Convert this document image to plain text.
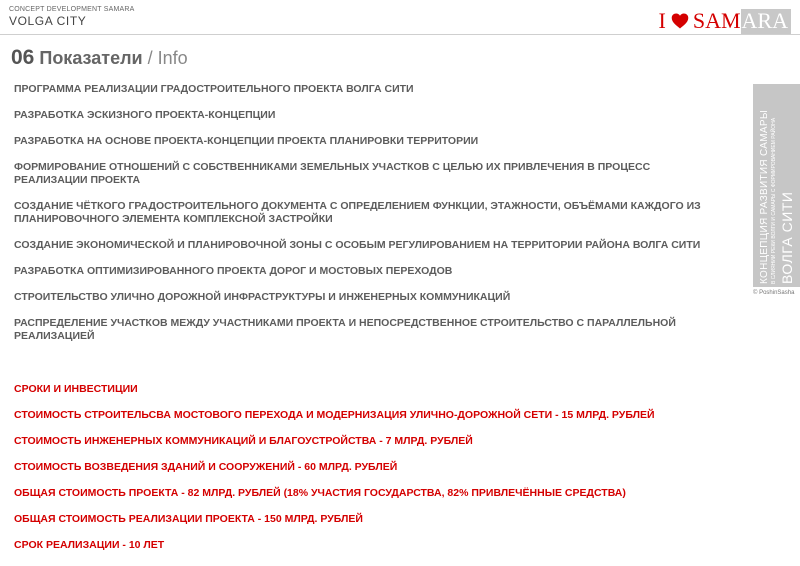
CONCEPT DEVELOPMENT SAMARA
VOLGA CITY	I SAM ARA
06 Показатели / Info
ПРОГРАММА РЕАЛИЗАЦИИ ГРАДОСТРОИТЕЛЬНОГО ПРОЕКТА ВОЛГА СИТИ
РАЗРАБОТКА ЭСКИЗНОГО ПРОЕКТА-КОНЦЕПЦИИ
РАЗРАБОТКА НА ОСНОВЕ ПРОЕКТА-КОНЦЕПЦИИ ПРОЕКТА ПЛАНИРОВКИ ТЕРРИТОРИИ
ФОРМИРОВАНИЕ ОТНОШЕНИЙ С СОБСТВЕННИКАМИ ЗЕМЕЛЬНЫХ УЧАСТКОВ С ЦЕЛЬЮ ИХ ПРИВЛЕЧЕНИЯ В ПРОЦЕСС РЕАЛИЗАЦИИ ПРОЕКТА
СОЗДАНИЕ ЧЁТКОГО ГРАДОСТРОИТЕЛЬНОГО ДОКУМЕНТА С ОПРЕДЕЛЕНИЕМ ФУНКЦИИ, ЭТАЖНОСТИ, ОБЪЁМАМИ КАЖДОГО ИЗ ПЛАНИРОВОЧНОГО ЭЛЕМЕНТА КОМПЛЕКСНОЙ ЗАСТРОЙКИ
СОЗДАНИЕ ЭКОНОМИЧЕСКОЙ И ПЛАНИРОВОЧНОЙ ЗОНЫ С ОСОБЫМ РЕГУЛИРОВАНИЕМ НА ТЕРРИТОРИИ РАЙОНА ВОЛГА СИТИ
РАЗРАБОТКА ОПТИМИЗИРОВАННОГО ПРОЕКТА ДОРОГ И МОСТОВЫХ ПЕРЕХОДОВ
СТРОИТЕЛЬСТВО УЛИЧНО ДОРОЖНОЙ ИНФРАСТРУКТУРЫ И ИНЖЕНЕРНЫХ КОММУНИКАЦИЙ
РАСПРЕДЕЛЕНИЕ УЧАСТКОВ МЕЖДУ УЧАСТНИКАМИ ПРОЕКТА И НЕПОСРЕДСТВЕННОЕ СТРОИТЕЛЬСТВО С ПАРАЛЛЕЛЬНОЙ РЕАЛИЗАЦИЕЙ
СРОКИ И ИНВЕСТИЦИИ
СТОИМОСТЬ СТРОИТЕЛЬСВА МОСТОВОГО ПЕРЕХОДА И МОДЕРНИЗАЦИЯ УЛИЧНО-ДОРОЖНОЙ СЕТИ - 15 МЛРД. РУБЛЕЙ
СТОИМОСТЬ ИНЖЕНЕРНЫХ КОММУНИКАЦИЙ И БЛАГОУСТРОЙСТВА - 7 МЛРД. РУБЛЕЙ
СТОИМОСТЬ ВОЗВЕДЕНИЯ ЗДАНИЙ И СООРУЖЕНИЙ - 60 МЛРД. РУБЛЕЙ
ОБЩАЯ СТОИМОСТЬ ПРОЕКТА - 82 МЛРД. РУБЛЕЙ (18% УЧАСТИЯ ГОСУДАРСТВА, 82% ПРИВЛЕЧЁННЫЕ СРЕДСТВА)
ОБЩАЯ СТОИМОСТЬ РЕАЛИЗАЦИИ ПРОЕКТА - 150 МЛРД. РУБЛЕЙ
СРОК РЕАЛИЗАЦИИ - 10 ЛЕТ
КОНЦЕПЦИЯ РАЗВИТИЯ САМАРЫ В СЛИЯНИИ РЕКИ ВОЛГИ И САМАРЫ С ФОРМИРОВАНИЕМ РАЙОНА ВОЛГА СИТИ
© PoshinSasha
